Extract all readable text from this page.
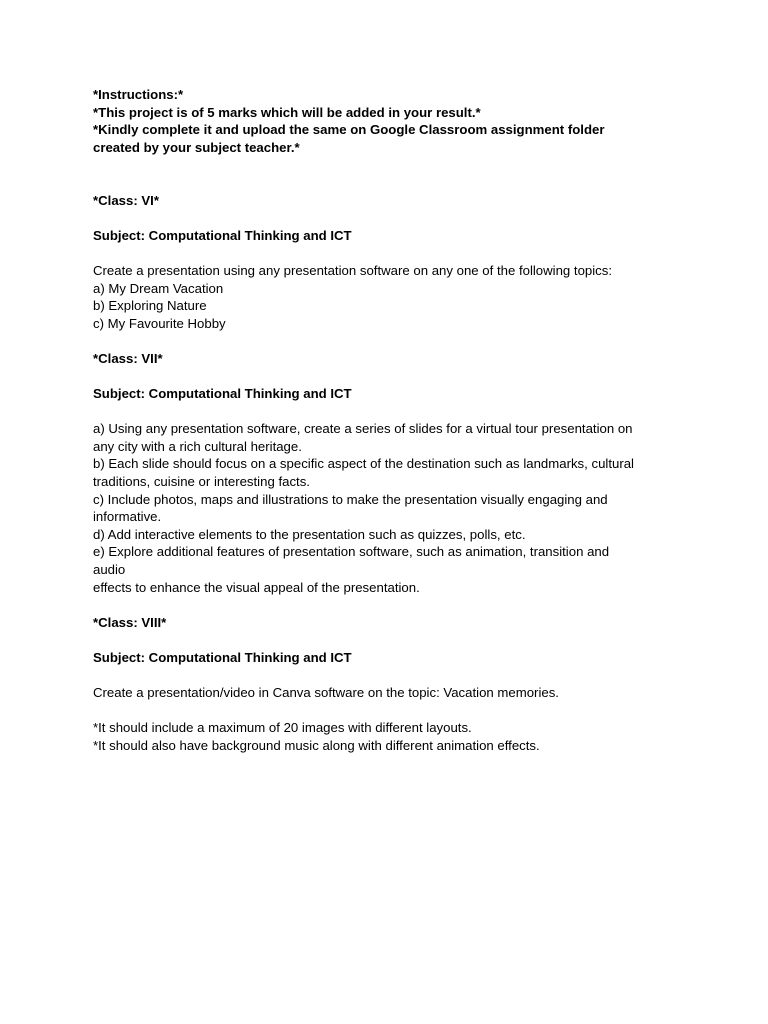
*Instructions:*
*This project is of 5 marks which will be added in your result.*
*Kindly complete it and upload the same on Google Classroom assignment folder
created by your subject teacher.*
*Class: VI*
Subject: Computational Thinking and ICT
Create a presentation using any presentation software on any one of the following topics:
a) My Dream Vacation
b) Exploring Nature
c) My Favourite Hobby
*Class: VII*
Subject: Computational Thinking and ICT
a) Using any presentation software, create a series of slides for a virtual tour presentation on
any city with a rich cultural heritage.
b) Each slide should focus on a specific aspect of the destination such as landmarks, cultural
traditions, cuisine or interesting facts.
c) Include photos, maps and illustrations to make the presentation visually engaging and
informative.
d) Add interactive elements to the presentation such as quizzes, polls, etc.
e) Explore additional features of presentation software, such as animation, transition and
audio
effects to enhance the visual appeal of the presentation.
*Class: VIII*
Subject: Computational Thinking and ICT
Create a presentation/video in Canva software on the topic: Vacation memories.
*It should include a maximum of 20 images with different layouts.
*It should also have background music along with different animation effects.
